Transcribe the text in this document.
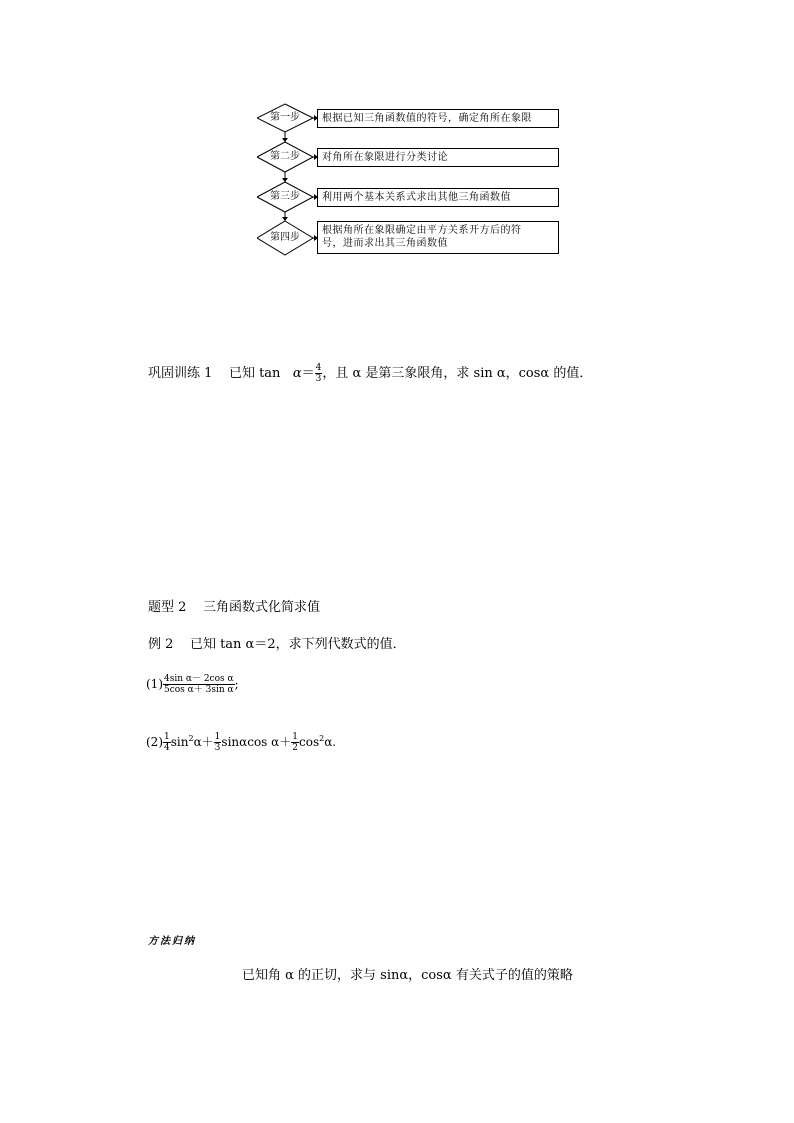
第一步
第二步
第三步
第四步
根据已知三角函数值的符号，确定角所在象限
对角所在象限进行分类讨论
利用两个基本关系式求出其他三角函数值
根据角所在象限确定由平方关系开方后的符
号，进而求出其三角函数值
巩固训练 1 已知 $\tan \alpha= \frac{4}{3}$ ，且 α 是第三象限角，求 sin α，cosα 的值．
题型 2 三角函数式化简求值
例 2 已知 tan α＝2，求下列代数式的值．
$(1) \frac{\text{4sin α－ 2cos α}}{\text{5cos α＋ 3sin α}}$ ;
$(2) \frac{1}{4} \sin^2\alpha+ \frac{1}{3}$ sinαcos $\alpha+ \frac{1}{2} \cos^2\alpha$.
方法归纳
已知角 α 的正切，求与 sinα，cosα 有关式子的值的策略
